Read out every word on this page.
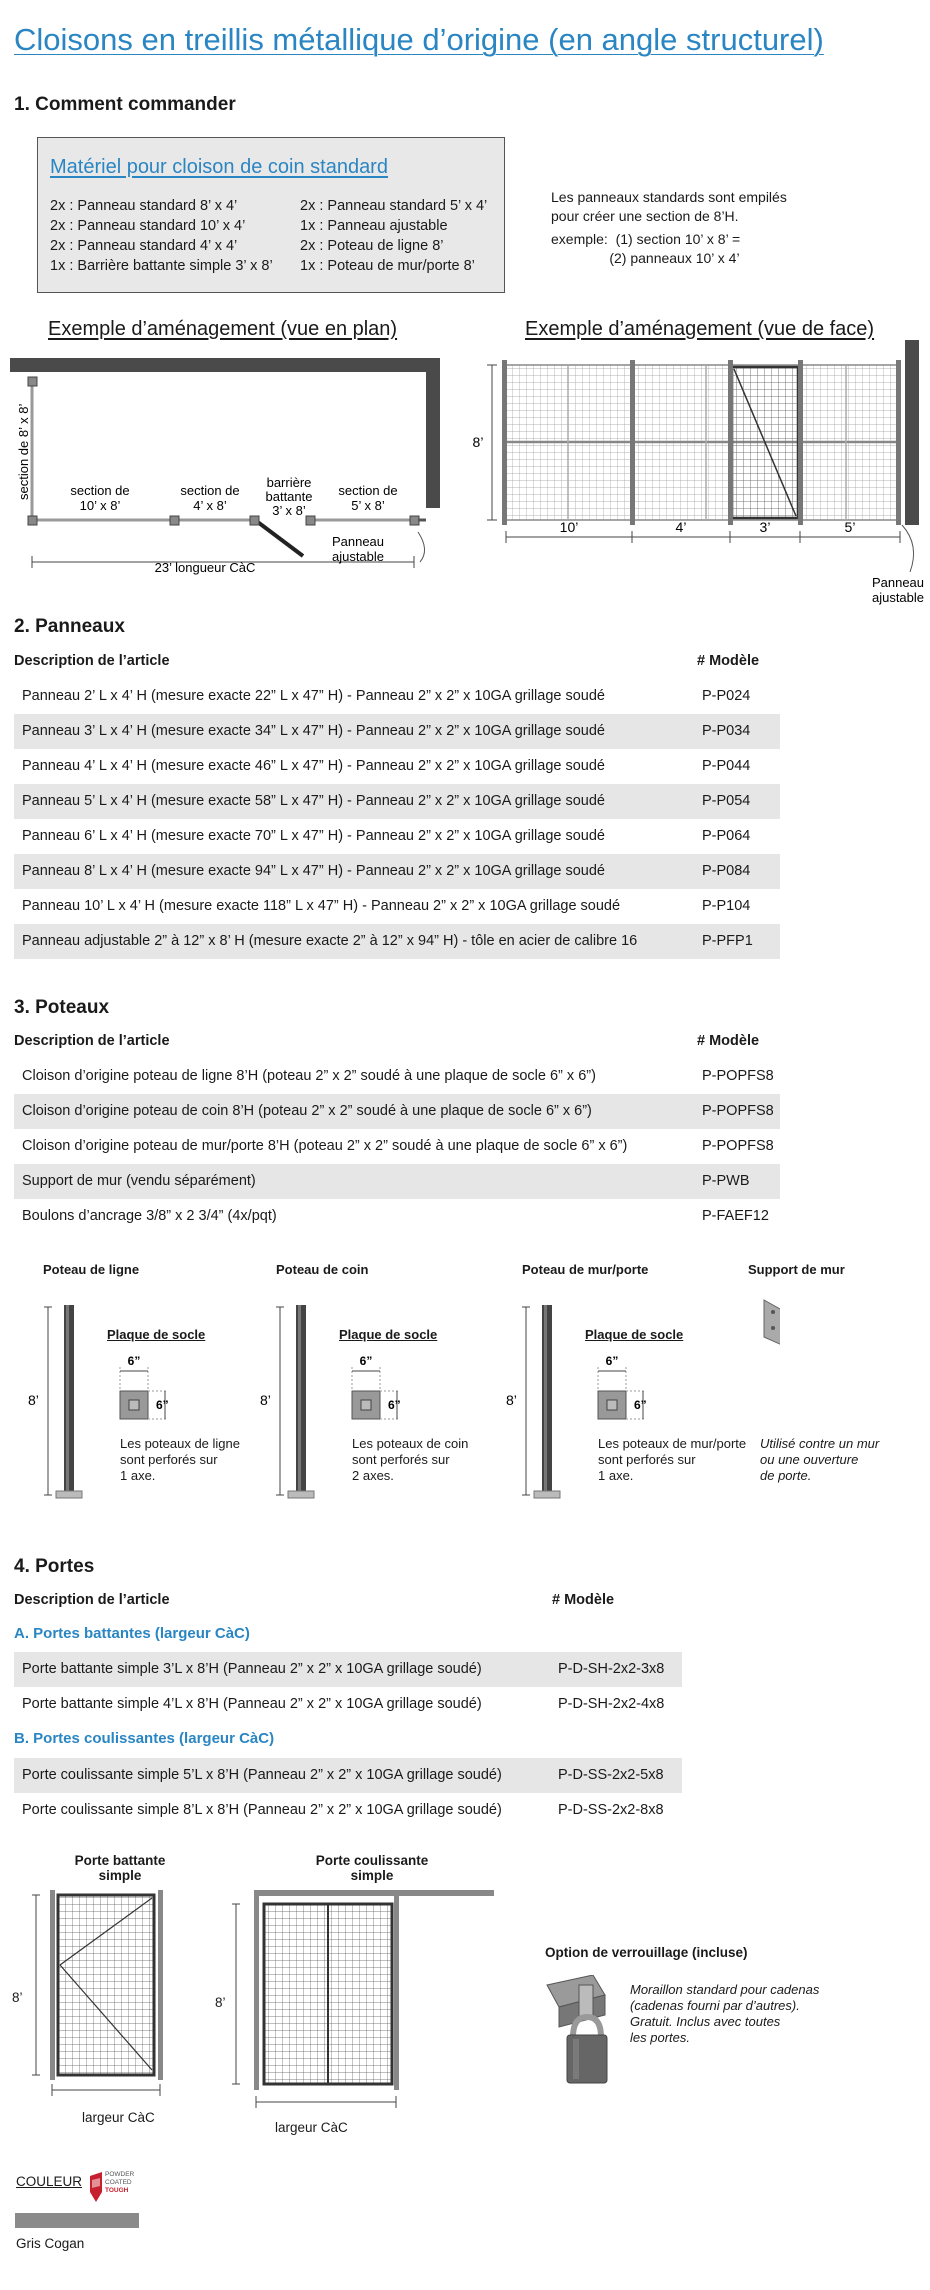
Cloisons en treillis métallique d’origine (en angle structurel)
1. Comment commander
Matériel pour cloison de coin standard
2x : Panneau standard 8’ x 4’
2x : Panneau standard 10’ x 4’
2x : Panneau standard 4’ x 4’
1x : Barrière battante simple 3’ x 8’
2x : Panneau standard 5’ x 4’
1x : Panneau ajustable
2x : Poteau de ligne 8’
1x : Poteau de mur/porte 8’
Les panneaux standards sont empilés
pour créer une section de 8’H.
exemple:  (1) section 10’ x 8’ =
(2) panneaux 10’ x 4’
Exemple d’aménagement (vue en plan)	Exemple d’aménagement (vue de face)
section de 8’ x 8’	section de
10’ x 8’
section de
4’ x 8’
barrière
battante
3’ x 8’
section de
5’ x 8’
23’ longueur CàC
Panneau
ajustable
8’
10’	4’	3’	5’
Panneau
ajustable
2. Panneaux
Description de l’article	# Modèle
Panneau 2’ L x 4’ H (mesure exacte 22” L x 47” H) - Panneau 2” x 2” x 10GA grillage soudé	P-P024
Panneau 3’ L x 4’ H (mesure exacte 34” L x 47” H) - Panneau 2” x 2” x 10GA grillage soudé	P-P034
Panneau 4’ L x 4’ H (mesure exacte 46” L x 47” H) - Panneau 2” x 2” x 10GA grillage soudé	P-P044
Panneau 5’ L x 4’ H (mesure exacte 58” L x 47” H) - Panneau 2” x 2” x 10GA grillage soudé	P-P054
Panneau 6’ L x 4’ H (mesure exacte 70” L x 47” H) - Panneau 2” x 2” x 10GA grillage soudé	P-P064
Panneau 8’ L x 4’ H (mesure exacte 94” L x 47” H) - Panneau 2” x 2” x 10GA grillage soudé	P-P084
Panneau 10’ L x 4’ H (mesure exacte 118” L x 47” H) - Panneau 2” x 2” x 10GA grillage soudé	P-P104
Panneau adjustable 2” à 12” x 8’ H (mesure exacte 2” à 12” x 94” H) - tôle en acier de calibre 16	P-PFP1
3. Poteaux
Description de l’article	# Modèle
Cloison d’origine poteau de ligne 8’H (poteau 2” x 2” soudé à une plaque de socle 6” x 6”)	P-POPFS8
Cloison d’origine poteau de coin 8’H (poteau 2” x 2” soudé à une plaque de socle 6” x 6”)	P-POPFS8
Cloison d’origine poteau de mur/porte 8’H (poteau 2” x 2” soudé à une plaque de socle 6” x 6”)	P-POPFS8
Support de mur (vendu séparément)	P-PWB
Boulons d’ancrage 3/8” x 2 3/4” (4x/pqt)	P-FAEF12
Poteau de ligne	Poteau de coin	Poteau de mur/porte	Support de mur
8’	8’	8’
6”
6”
6”
6”
6”
6”
Plaque de socle	Plaque de socle	Plaque de socle
Les poteaux de ligne
sont perforés sur
1 axe.
Les poteaux de coin
sont perforés sur
2 axes.
Les poteaux de mur/porte
sont perforés sur
1 axe.
Utilisé contre un mur
ou une ouverture
de porte.
4. Portes
Description de l’article	# Modèle
A. Portes battantes (largeur CàC)
B. Portes coulissantes (largeur CàC)
Porte battante simple 3’L x 8’H (Panneau 2” x 2” x 10GA grillage soudé)	P-D-SH-2x2-3x8
Porte battante simple 4’L x 8’H (Panneau 2” x 2” x 10GA grillage soudé)	P-D-SH-2x2-4x8
Porte coulissante simple 5’L x 8’H (Panneau 2” x 2” x 10GA grillage soudé)	P-D-SS-2x2-5x8
Porte coulissante simple 8’L x 8’H (Panneau 2” x 2” x 10GA grillage soudé)	P-D-SS-2x2-8x8
Porte battante
simple
Porte coulissante
simple
8’	8’
largeur CàC
largeur CàC
Option de verrouillage (incluse)
Moraillon standard pour cadenas
(cadenas fourni par d’autres).
Gratuit. Inclus avec toutes
les portes.
COULEUR	POWDER
COATED
TOUGH
Gris Cogan
